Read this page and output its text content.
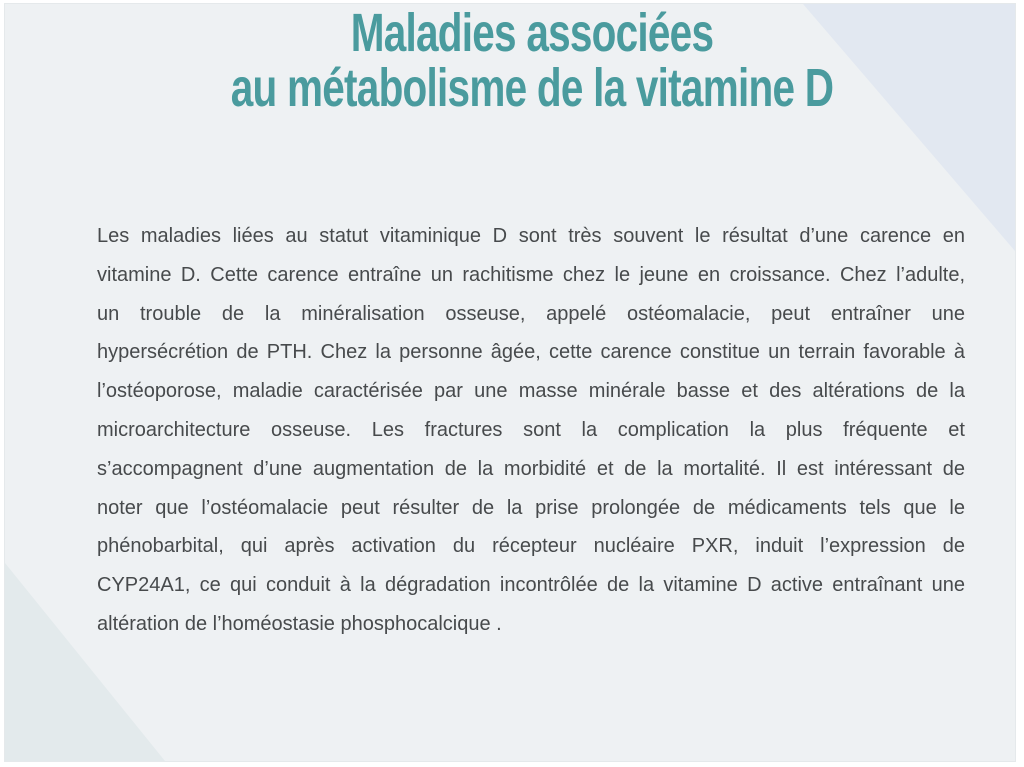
Maladies associées
au métabolisme de la vitamine D
Les maladies liées au statut vitaminique D sont très souvent le résultat d’une carence en
vitamine D. Cette carence entraîne un rachitisme chez le jeune en croissance. Chez l’adulte,
un trouble de la minéralisation osseuse, appelé ostéomalacie, peut entraîner une
hypersécrétion de PTH. Chez la personne âgée, cette carence constitue un terrain favorable à
l’ostéoporose, maladie caractérisée par une masse minérale basse et des altérations de la
microarchitecture osseuse. Les fractures sont la complication la plus fréquente et
s’accompagnent d’une augmentation de la morbidité et de la mortalité. Il est intéressant de
noter que l’ostéomalacie peut résulter de la prise prolongée de médicaments tels que le
phénobarbital, qui après activation du récepteur nucléaire PXR, induit l’expression de
CYP24A1, ce qui conduit à la dégradation incontrôlée de la vitamine D active entraînant une
altération de l’homéostasie phosphocalcique .
